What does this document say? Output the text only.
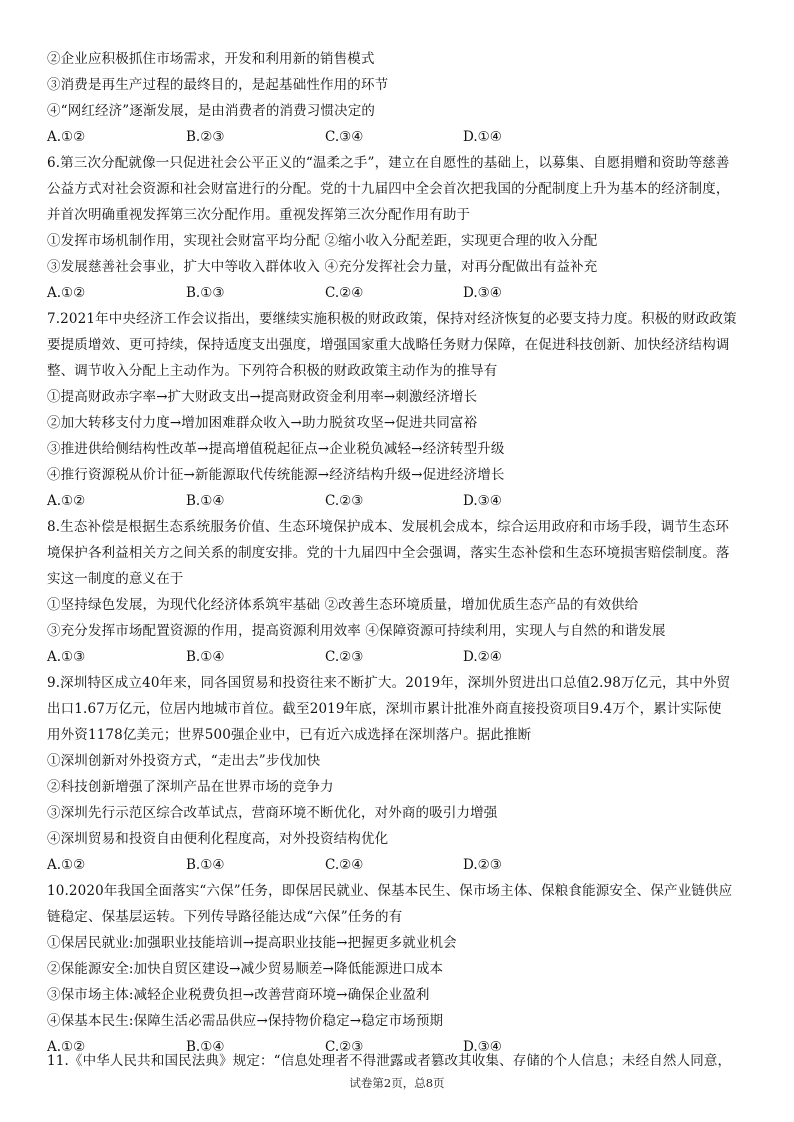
②企业应积极抓住市场需求，开发和利用新的销售模式
③消费是再生产过程的最终目的，是起基础性作用的环节
④“网红经济”逐渐发展，是由消费者的消费习惯决定的
A.①②	B.②③	C.③④	D.①④
6.第三次分配就像一只促进社会公平正义的“温柔之手”，建立在自愿性的基础上，以募集、自愿捐赠和资助等慈善
公益方式对社会资源和社会财富进行的分配。党的十九届四中全会首次把我国的分配制度上升为基本的经济制度，
并首次明确重视发挥第三次分配作用。重视发挥第三次分配作用有助于
①发挥市场机制作用，实现社会财富平均分配 ②缩小收入分配差距，实现更合理的收入分配
③发展慈善社会事业，扩大中等收入群体收入 ④充分发挥社会力量，对再分配做出有益补充
A.①②	B.①③	C.②④	D.③④
7.2021年中央经济工作会议指出，要继续实施积极的财政政策，保持对经济恢复的必要支持力度。积极的财政政策
要提质增效、更可持续，保持适度支出强度，增强国家重大战略任务财力保障，在促进科技创新、加快经济结构调
整、调节收入分配上主动作为。下列符合积极的财政政策主动作为的推导有
①提高财政赤字率→扩大财政支出→提高财政资金利用率→刺激经济增长
②加大转移支付力度→增加困难群众收入→助力脱贫攻坚→促进共同富裕
③推进供给侧结构性改革→提高增值税起征点→企业税负减轻→经济转型升级
④推行资源税从价计征→新能源取代传统能源→经济结构升级→促进经济增长
A.①②	B.①④	C.②③	D.③④
8.生态补偿是根据生态系统服务价值、生态环境保护成本、发展机会成本，综合运用政府和市场手段，调节生态环
境保护各利益相关方之间关系的制度安排。党的十九届四中全会强调，落实生态补偿和生态环境损害赔偿制度。落
实这一制度的意义在于
①坚持绿色发展，为现代化经济体系筑牢基础 ②改善生态环境质量，增加优质生态产品的有效供给
③充分发挥市场配置资源的作用，提高资源利用效率 ④保障资源可持续利用，实现人与自然的和谐发展
A.①③	B.①④	C.②③	D.②④
9.深圳特区成立40年来，同各国贸易和投资往来不断扩大。2019年，深圳外贸进出口总值2.98万亿元，其中外贸
出口1.67万亿元，位居内地城市首位。截至2019年底，深圳市累计批准外商直接投资项目9.4万个，累计实际使
用外资1178亿美元；世界500强企业中，已有近六成选择在深圳落户。据此推断
①深圳创新对外投资方式，“走出去”步伐加快
②科技创新增强了深圳产品在世界市场的竞争力
③深圳先行示范区综合改革试点，营商环境不断优化，对外商的吸引力增强
④深圳贸易和投资自由便利化程度高，对外投资结构优化
A.①②	B.①④	C.②④	D.②③
10.2020年我国全面落实“六保”任务，即保居民就业、保基本民生、保市场主体、保粮食能源安全、保产业链供应
链稳定、保基层运转。下列传导路径能达成“六保”任务的有
①保居民就业:加强职业技能培训→提高职业技能→把握更多就业机会
②保能源安全:加快自贸区建设→减少贸易顺差→降低能源进口成本
③保市场主体:减轻企业税费负担→改善营商环境→确保企业盈利
④保基本民生:保障生活必需品供应→保持物价稳定→稳定市场预期
A.①②	B.①④	C.②③	D.③④
11.《中华人民共和国民法典》规定：“信息处理者不得泄露或者篡改其收集、存储的个人信息；未经自然人同意，
试卷第2页，总8页
